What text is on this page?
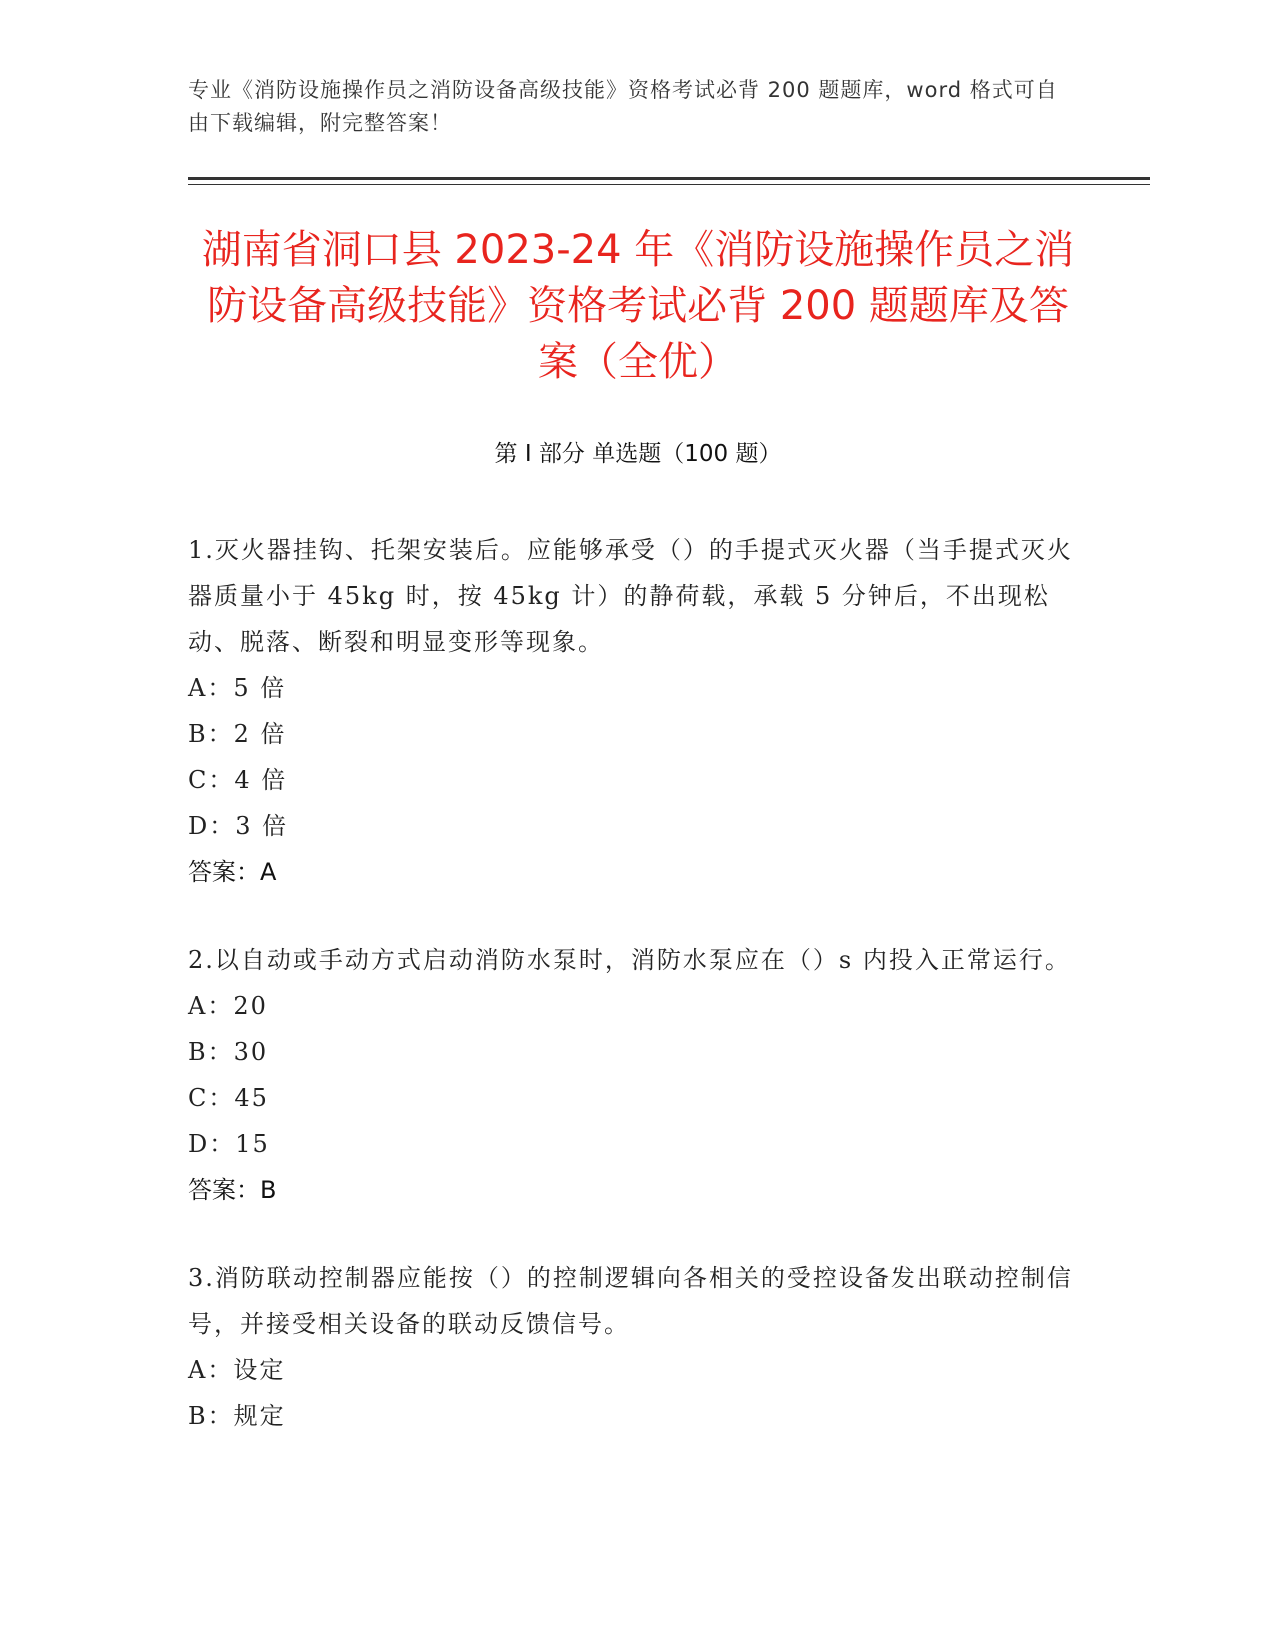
专业《消防设施操作员之消防设备高级技能》资格考试必背 200 题题库，word 格式可自由下载编辑，附完整答案！
湖南省洞口县 2023-24 年《消防设施操作员之消防设备高级技能》资格考试必背 200 题题库及答案（全优）
第 I 部分 单选题（100 题）

1.灭火器挂钩、托架安装后。应能够承受（）的手提式灭火器（当手提式灭火器质量小于 45kg 时，按 45kg 计）的静荷载，承载 5 分钟后，不出现松动、脱落、断裂和明显变形等现象。

A：5 倍

B：2 倍

C：4 倍

D：3 倍

答案：A

2.以自动或手动方式启动消防水泵时，消防水泵应在（）s 内投入正常运行。

A：20

B：30

C：45

D：15

答案：B

3.消防联动控制器应能按（）的控制逻辑向各相关的受控设备发出联动控制信号，并接受相关设备的联动反馈信号。

A：设定

B：规定
